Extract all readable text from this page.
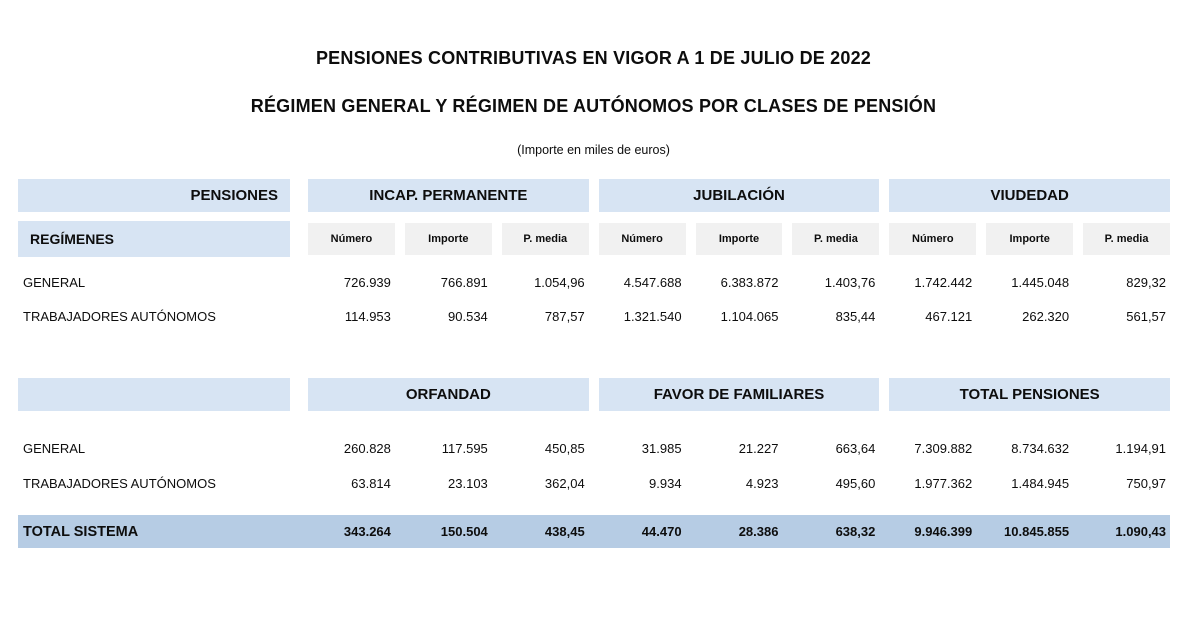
PENSIONES CONTRIBUTIVAS EN VIGOR A 1 DE JULIO DE 2022
RÉGIMEN GENERAL Y RÉGIMEN DE AUTÓNOMOS POR CLASES DE PENSIÓN
(Importe en miles de euros)
PENSIONES	INCAP. PERMANENTE	JUBILACIÓN	VIUDEDAD
REGÍMENES	Número	Importe	P. media	Número	Importe	P. media	Número	Importe	P. media
GENERAL	726.939	766.891	1.054,96	4.547.688	6.383.872	1.403,76	1.742.442	1.445.048	829,32
TRABAJADORES AUTÓNOMOS	114.953	90.534	787,57	1.321.540	1.104.065	835,44	467.121	262.320	561,57
ORFANDAD	FAVOR DE FAMILIARES	TOTAL PENSIONES
GENERAL	260.828	117.595	450,85	31.985	21.227	663,64	7.309.882	8.734.632	1.194,91
TRABAJADORES AUTÓNOMOS	63.814	23.103	362,04	9.934	4.923	495,60	1.977.362	1.484.945	750,97
TOTAL SISTEMA	343.264	150.504	438,45	44.470	28.386	638,32	9.946.399	10.845.855	1.090,43
